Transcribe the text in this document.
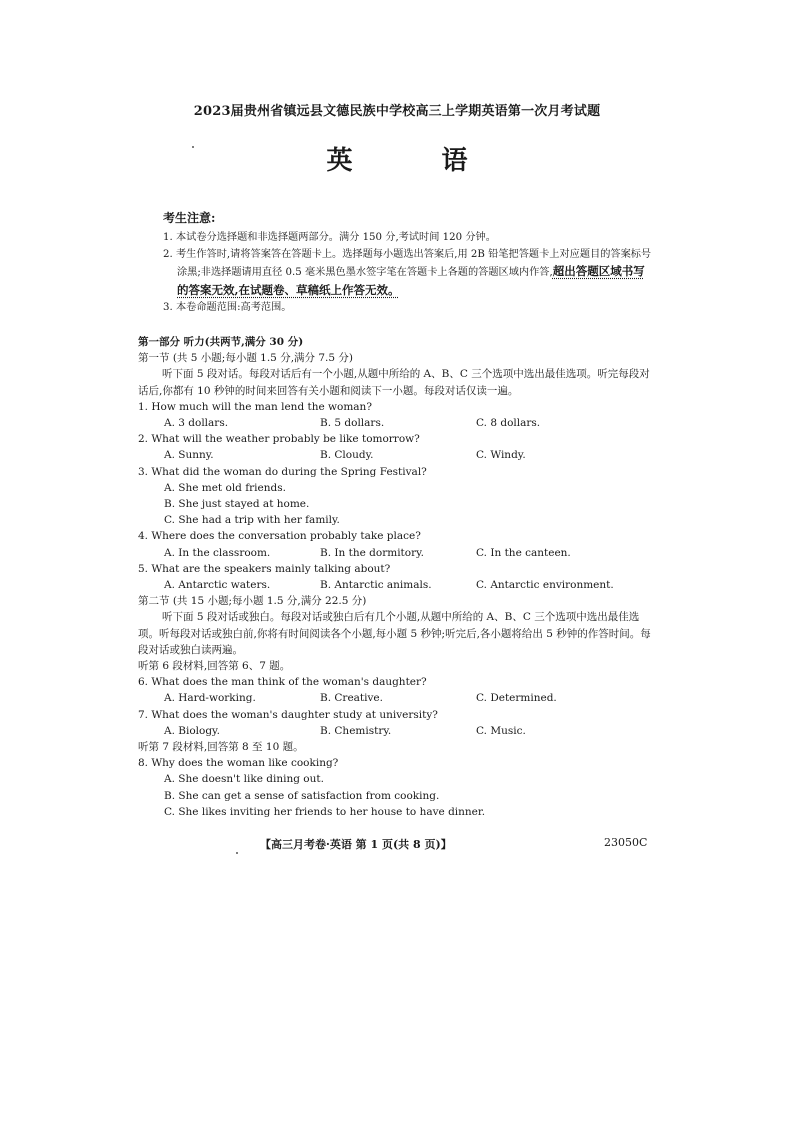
2023届贵州省镇远县文德民族中学校高三上学期英语第一次月考试题
英 语
考生注意:
1. 本试卷分选择题和非选择题两部分。满分 150 分,考试时间 120 分钟。
2. 考生作答时,请将答案答在答题卡上。选择题每小题选出答案后,用 2B 铅笔把答题卡上对应题目的答案标号涂黑;非选择题请用直径 0.5 毫米黑色墨水签字笔在答题卡上各题的答题区域内作答,超出答题区域书写的答案无效,在试题卷、草稿纸上作答无效。
3. 本卷命题范围:高考范围。
第一部分 听力(共两节,满分 30 分)
第一节 (共 5 小题;每小题 1.5 分,满分 7.5 分)
听下面 5 段对话。每段对话后有一个小题,从题中所给的 A、B、C 三个选项中选出最佳选项。听完每段对话后,你都有 10 秒钟的时间来回答有关小题和阅读下一小题。每段对话仅读一遍。
1. How much will the man lend the woman?
A. 3 dollars.	B. 5 dollars.	C. 8 dollars.
2. What will the weather probably be like tomorrow?
A. Sunny.	B. Cloudy.	C. Windy.
3. What did the woman do during the Spring Festival?
A. She met old friends.
B. She just stayed at home.
C. She had a trip with her family.
4. Where does the conversation probably take place?
A. In the classroom.	B. In the dormitory.	C. In the canteen.
5. What are the speakers mainly talking about?
A. Antarctic waters.	B. Antarctic animals.	C. Antarctic environment.
第二节 (共 15 小题;每小题 1.5 分,满分 22.5 分)
听下面 5 段对话或独白。每段对话或独白后有几个小题,从题中所给的 A、B、C 三个选项中选出最佳选项。听每段对话或独白前,你将有时间阅读各个小题,每小题 5 秒钟;听完后,各小题将给出 5 秒钟的作答时间。每段对话或独白读两遍。
听第 6 段材料,回答第 6、7 题。
6. What does the man think of the woman's daughter?
A. Hard-working.	B. Creative.	C. Determined.
7. What does the woman's daughter study at university?
A. Biology.	B. Chemistry.	C. Music.
听第 7 段材料,回答第 8 至 10 题。
8. Why does the woman like cooking?
A. She doesn't like dining out.
B. She can get a sense of satisfaction from cooking.
C. She likes inviting her friends to her house to have dinner.
【高三月考卷·英语 第 1 页(共 8 页)】	23050C
